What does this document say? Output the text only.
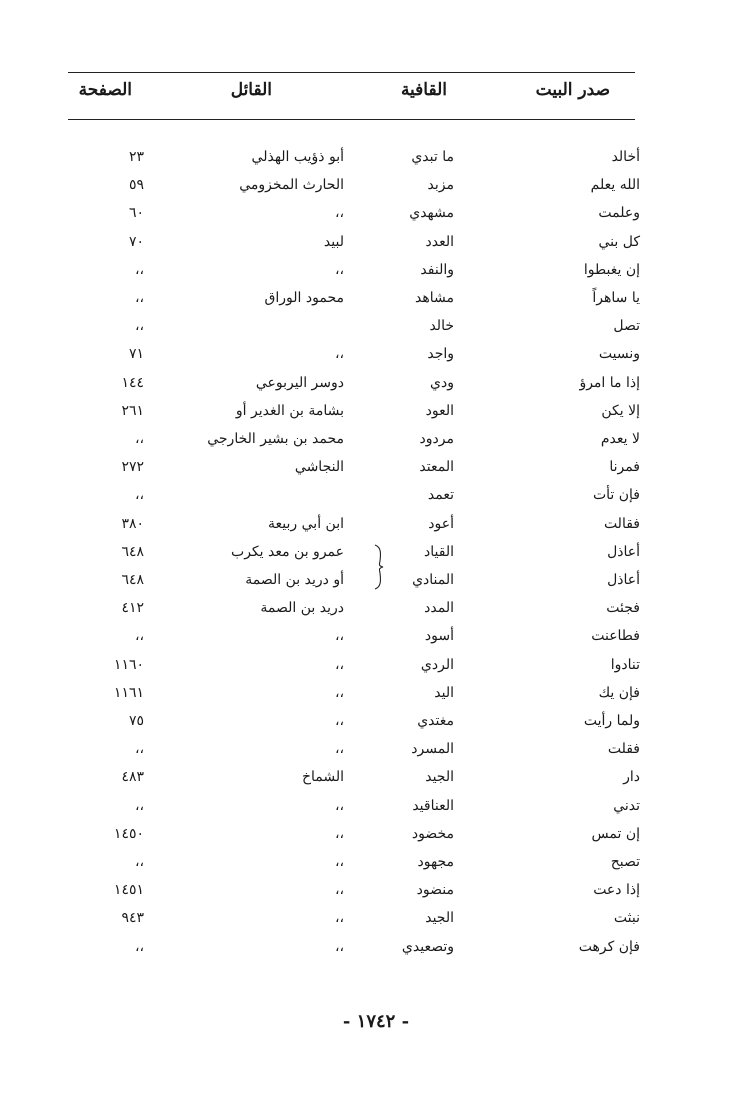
صدر البيت
القافية
القائل
الصفحة
أخالد
ما تبدي
أبو ذؤيب الهذلي
٢٣
الله يعلم
مزبد
الحارث المخزومي
٥٩
وعلمت
مشهدي
،،
٦٠
كل بني
العدد
لبيد
٧٠
إن يغبطوا
والنفد
،،
،،
يا ساهراً
مشاهد
محمود الوراق
،،
تصل
خالد
،،
ونسيت
واجد
،،
٧١
إذا ما امرؤ
ودي
دوسر اليربوعي
١٤٤
إلا يكن
العود
بشامة بن الغدير أو
٢٦١
لا يعدم
مردود
محمد بن بشير الخارجي
،،
فمرنا
المعتد
النجاشي
٢٧٢
فإن تأت
تعمد
،،
فقالت
أعود
ابن أبي ربيعة
٣٨٠
أعاذل
القياد
عمرو بن معد يكرب
٦٤٨
أعاذل
المنادي
أو دريد بن الصمة
٦٤٨
فجئت
المدد
دريد بن الصمة
٤١٢
فطاعنت
أسود
،،
،،
تنادوا
الردي
،،
١١٦٠
فإن يك
اليد
،،
١١٦١
ولما رأيت
مغتدي
،،
٧٥
فقلت
المسرد
،،
،،
دار
الجيد
الشماخ
٤٨٣
تدني
العناقيد
،،
،،
إن تمس
مخضود
،،
١٤٥٠
تصبح
مجهود
،،
،،
إذا دعت
منضود
،،
١٤٥١
نبثت
الجيد
،،
٩٤٣
فإن كرهت
وتصعيدي
،،
،،
- ١٧٤٢ -
